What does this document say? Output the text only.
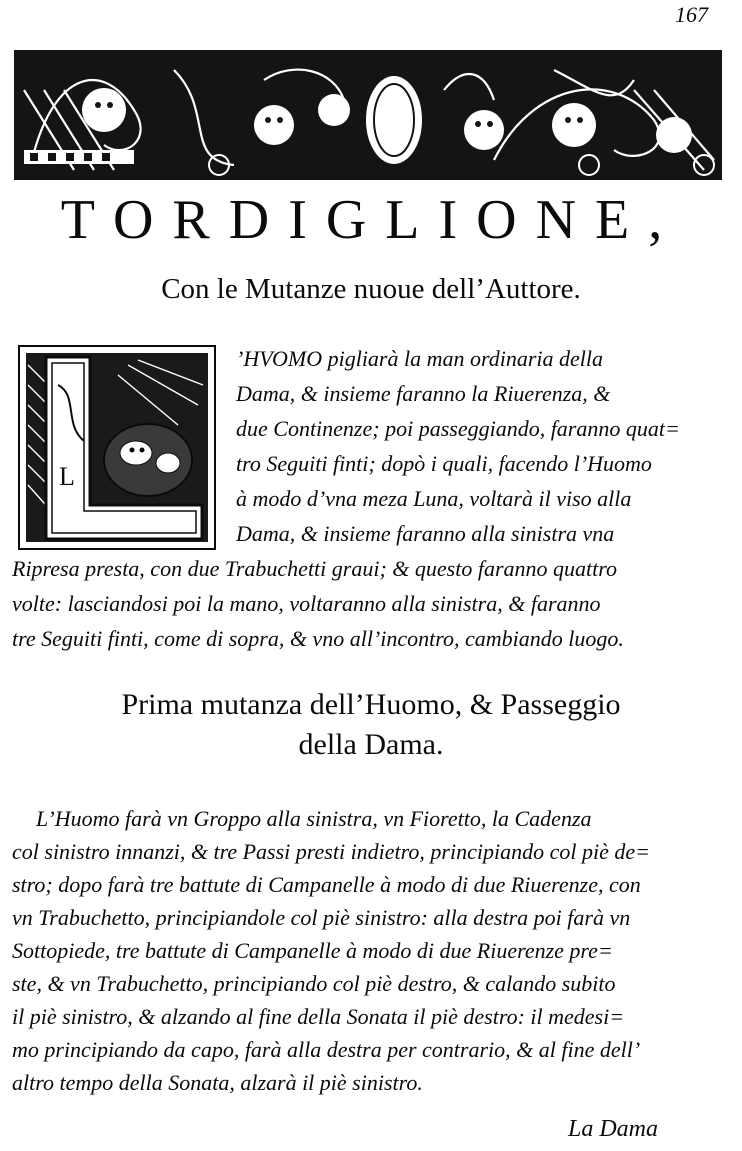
167
TORDIGLIONE,
Con le Mutanze nuoue dell’Auttore.
L
’HVOMO pigliarà la man ordinaria della
Dama, & insieme faranno la Riuerenza, &
due Continenze; poi passeggiando, faranno quat=
tro Seguiti finti; dopò i quali, facendo l’Huomo
à modo d’vna meza Luna, voltarà il viso alla
Dama, & insieme faranno alla sinistra vna
Ripresa presta, con due Trabuchetti graui; & questo faranno quattro
volte: lasciandosi poi la mano, voltaranno alla sinistra, & faranno
tre Seguiti finti, come di sopra, & vno all’incontro, cambiando luogo.
Prima mutanza dell’Huomo, & Passeggio
della Dama.
L’Huomo farà vn Groppo alla sinistra, vn Fioretto, la Cadenza
col sinistro innanzi, & tre Passi presti indietro, principiando col piè de=
stro; dopo farà tre battute di Campanelle à modo di due Riuerenze, con
vn Trabuchetto, principiandole col piè sinistro: alla destra poi farà vn
Sottopiede, tre battute di Campanelle à modo di due Riuerenze pre=
ste, & vn Trabuchetto, principiando col piè destro, & calando subito
il piè sinistro, & alzando al fine della Sonata il piè destro: il medesi=
mo principiando da capo, farà alla destra per contrario, & al fine dell’
altro tempo della Sonata, alzarà il piè sinistro.
La Dama
